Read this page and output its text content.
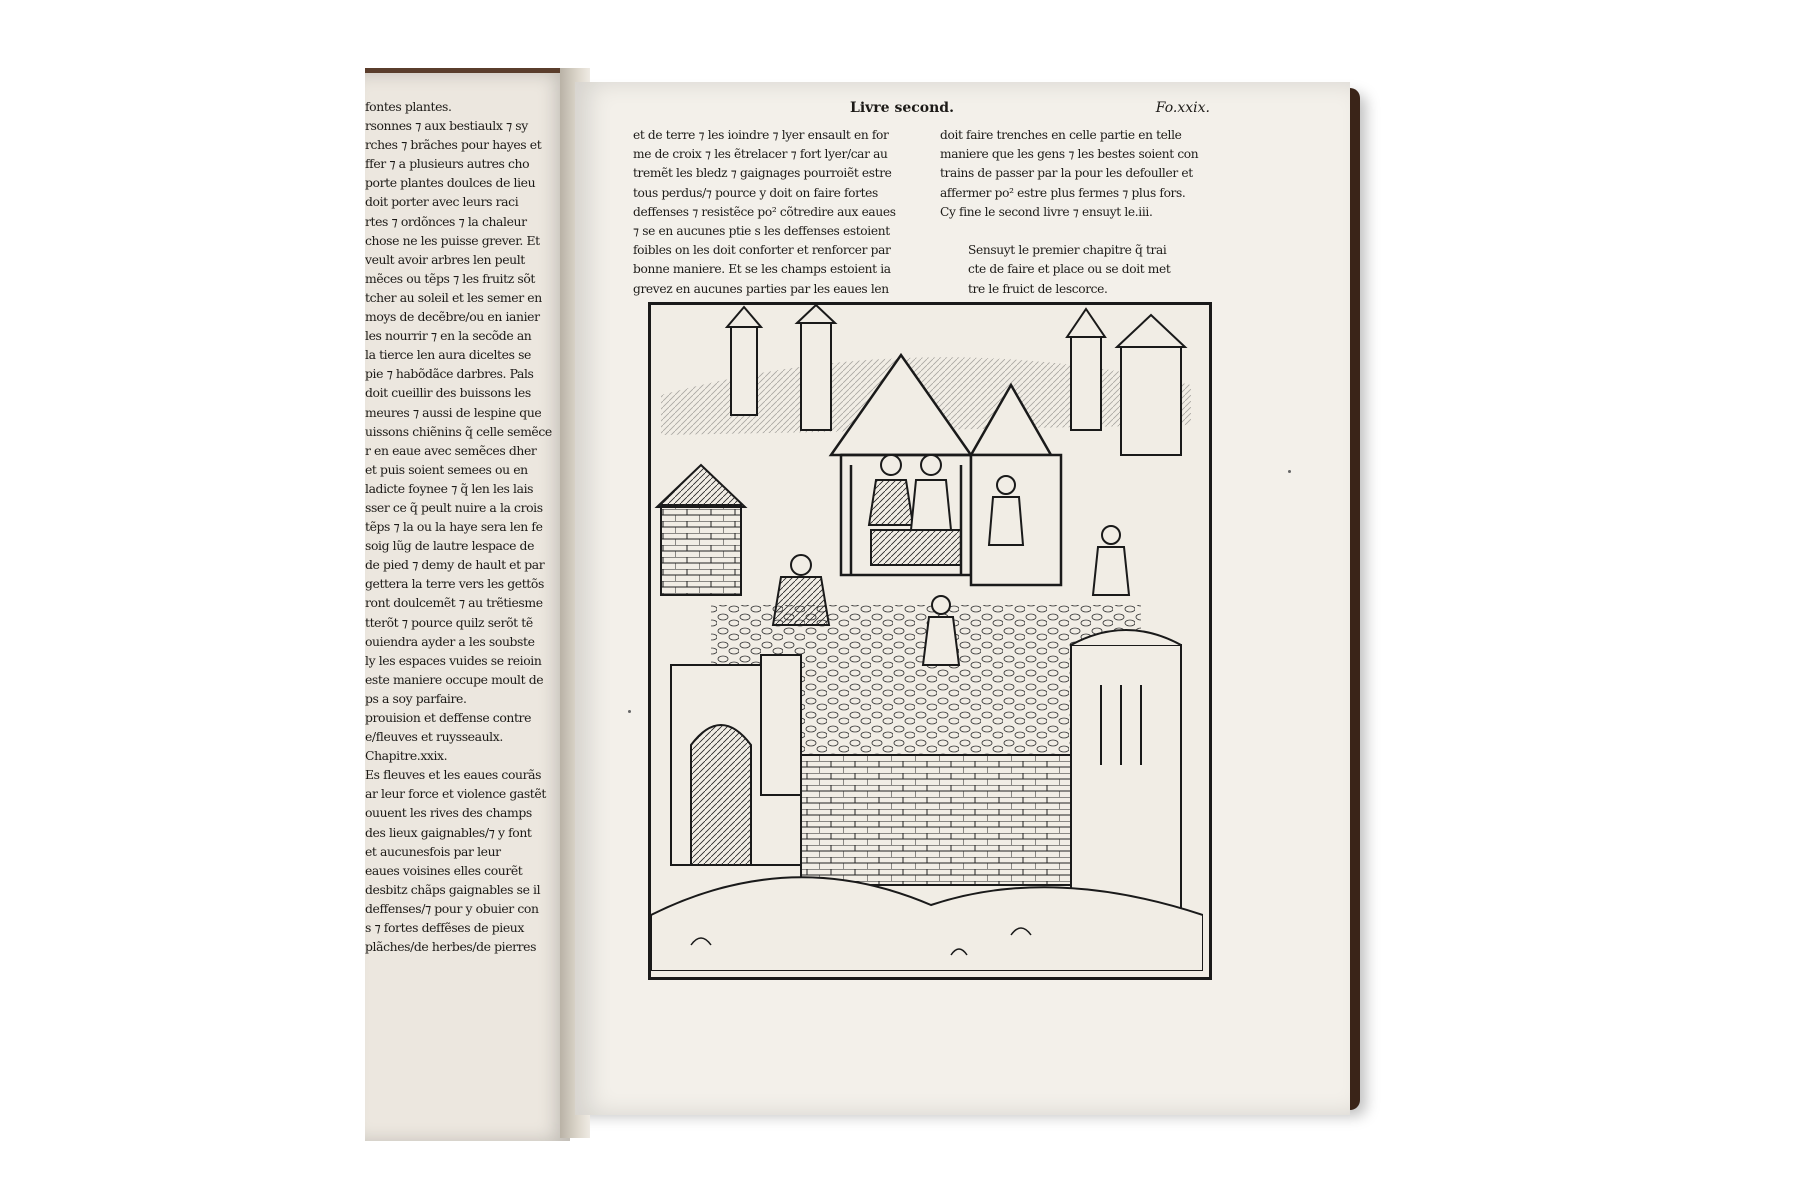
fontes plantes.
rsonnes ⁊ aux bestiaulx ⁊ sy
rches ⁊ brãches pour hayes et
ffer ⁊ a plusieurs autres cho
porte plantes doulces de lieu
doit porter avec leurs raci
rtes ⁊ ordõnces ⁊ la chaleur
chose ne les puisse grever. Et
veult avoir arbres len peult
mẽces ou tẽps ⁊ les fruitz sõt
tcher au soleil et les semer en
moys de decẽbre/ou en ianier
les nourrir ⁊ en la secõde an
la tierce len aura diceltes se
pie ⁊ habõdãce darbres. Pals
doit cueillir des buissons les
meures ⁊ aussi de lespine que
uissons chiẽnins q̃ celle semẽce
r en eaue avec semẽces dher
et puis soient semees ou en
ladicte foynee ⁊ q̃ len les lais
sser ce q̃ peult nuire a la crois
tẽps ⁊ la ou la haye sera len fe
soig lũg de lautre lespace de
de pied ⁊ demy de hault et par
gettera la terre vers les gettõs
ront doulcemẽt ⁊ au trẽtiesme
tterõt ⁊ pource quilz serõt tẽ
ouiendra ayder a les soubste
ly les espaces vuides se reioin
este maniere occupe moult de
ps a soy parfaire.
prouision et deffense contre
e/fleuves et ruysseaulx.
Chapitre.xxix.
Es fleuves et les eaues courãs
ar leur force et violence gastẽt
ouuent les rives des champs
des lieux gaignables/⁊ y font
et aucunesfois par leur
eaues voisines elles courẽt
desbitz chãps gaignables se il
deffenses/⁊ pour y obuier con
s ⁊ fortes deffẽses de pieux
plãches/de herbes/de pierres
Livre second.	Fo.xxix.
et de terre ⁊ les ioindre ⁊ lyer ensault en for
me de croix ⁊ les ẽtrelacer ⁊ fort lyer/car au
tremẽt les bledz ⁊ gaignages pourroiẽt estre
tous perdus/⁊ pource y doit on faire fortes
deffenses ⁊ resistẽce po² cõtredire aux eaues
⁊ se en aucunes ptie s les deffenses estoient
foibles on les doit conforter et renforcer par
bonne maniere. Et se les champs estoient ia
grevez en aucunes parties par les eaues len
doit faire trenches en celle partie en telle
maniere que les gens ⁊ les bestes soient con
trains de passer par la pour les defouller et
affermer po² estre plus fermes ⁊ plus fors.
Cy fine le second livre ⁊ ensuyt le.iii.
Sensuyt le premier chapitre q̃ trai
cte de faire et place ou se doit met
tre le fruict de lescorce.
